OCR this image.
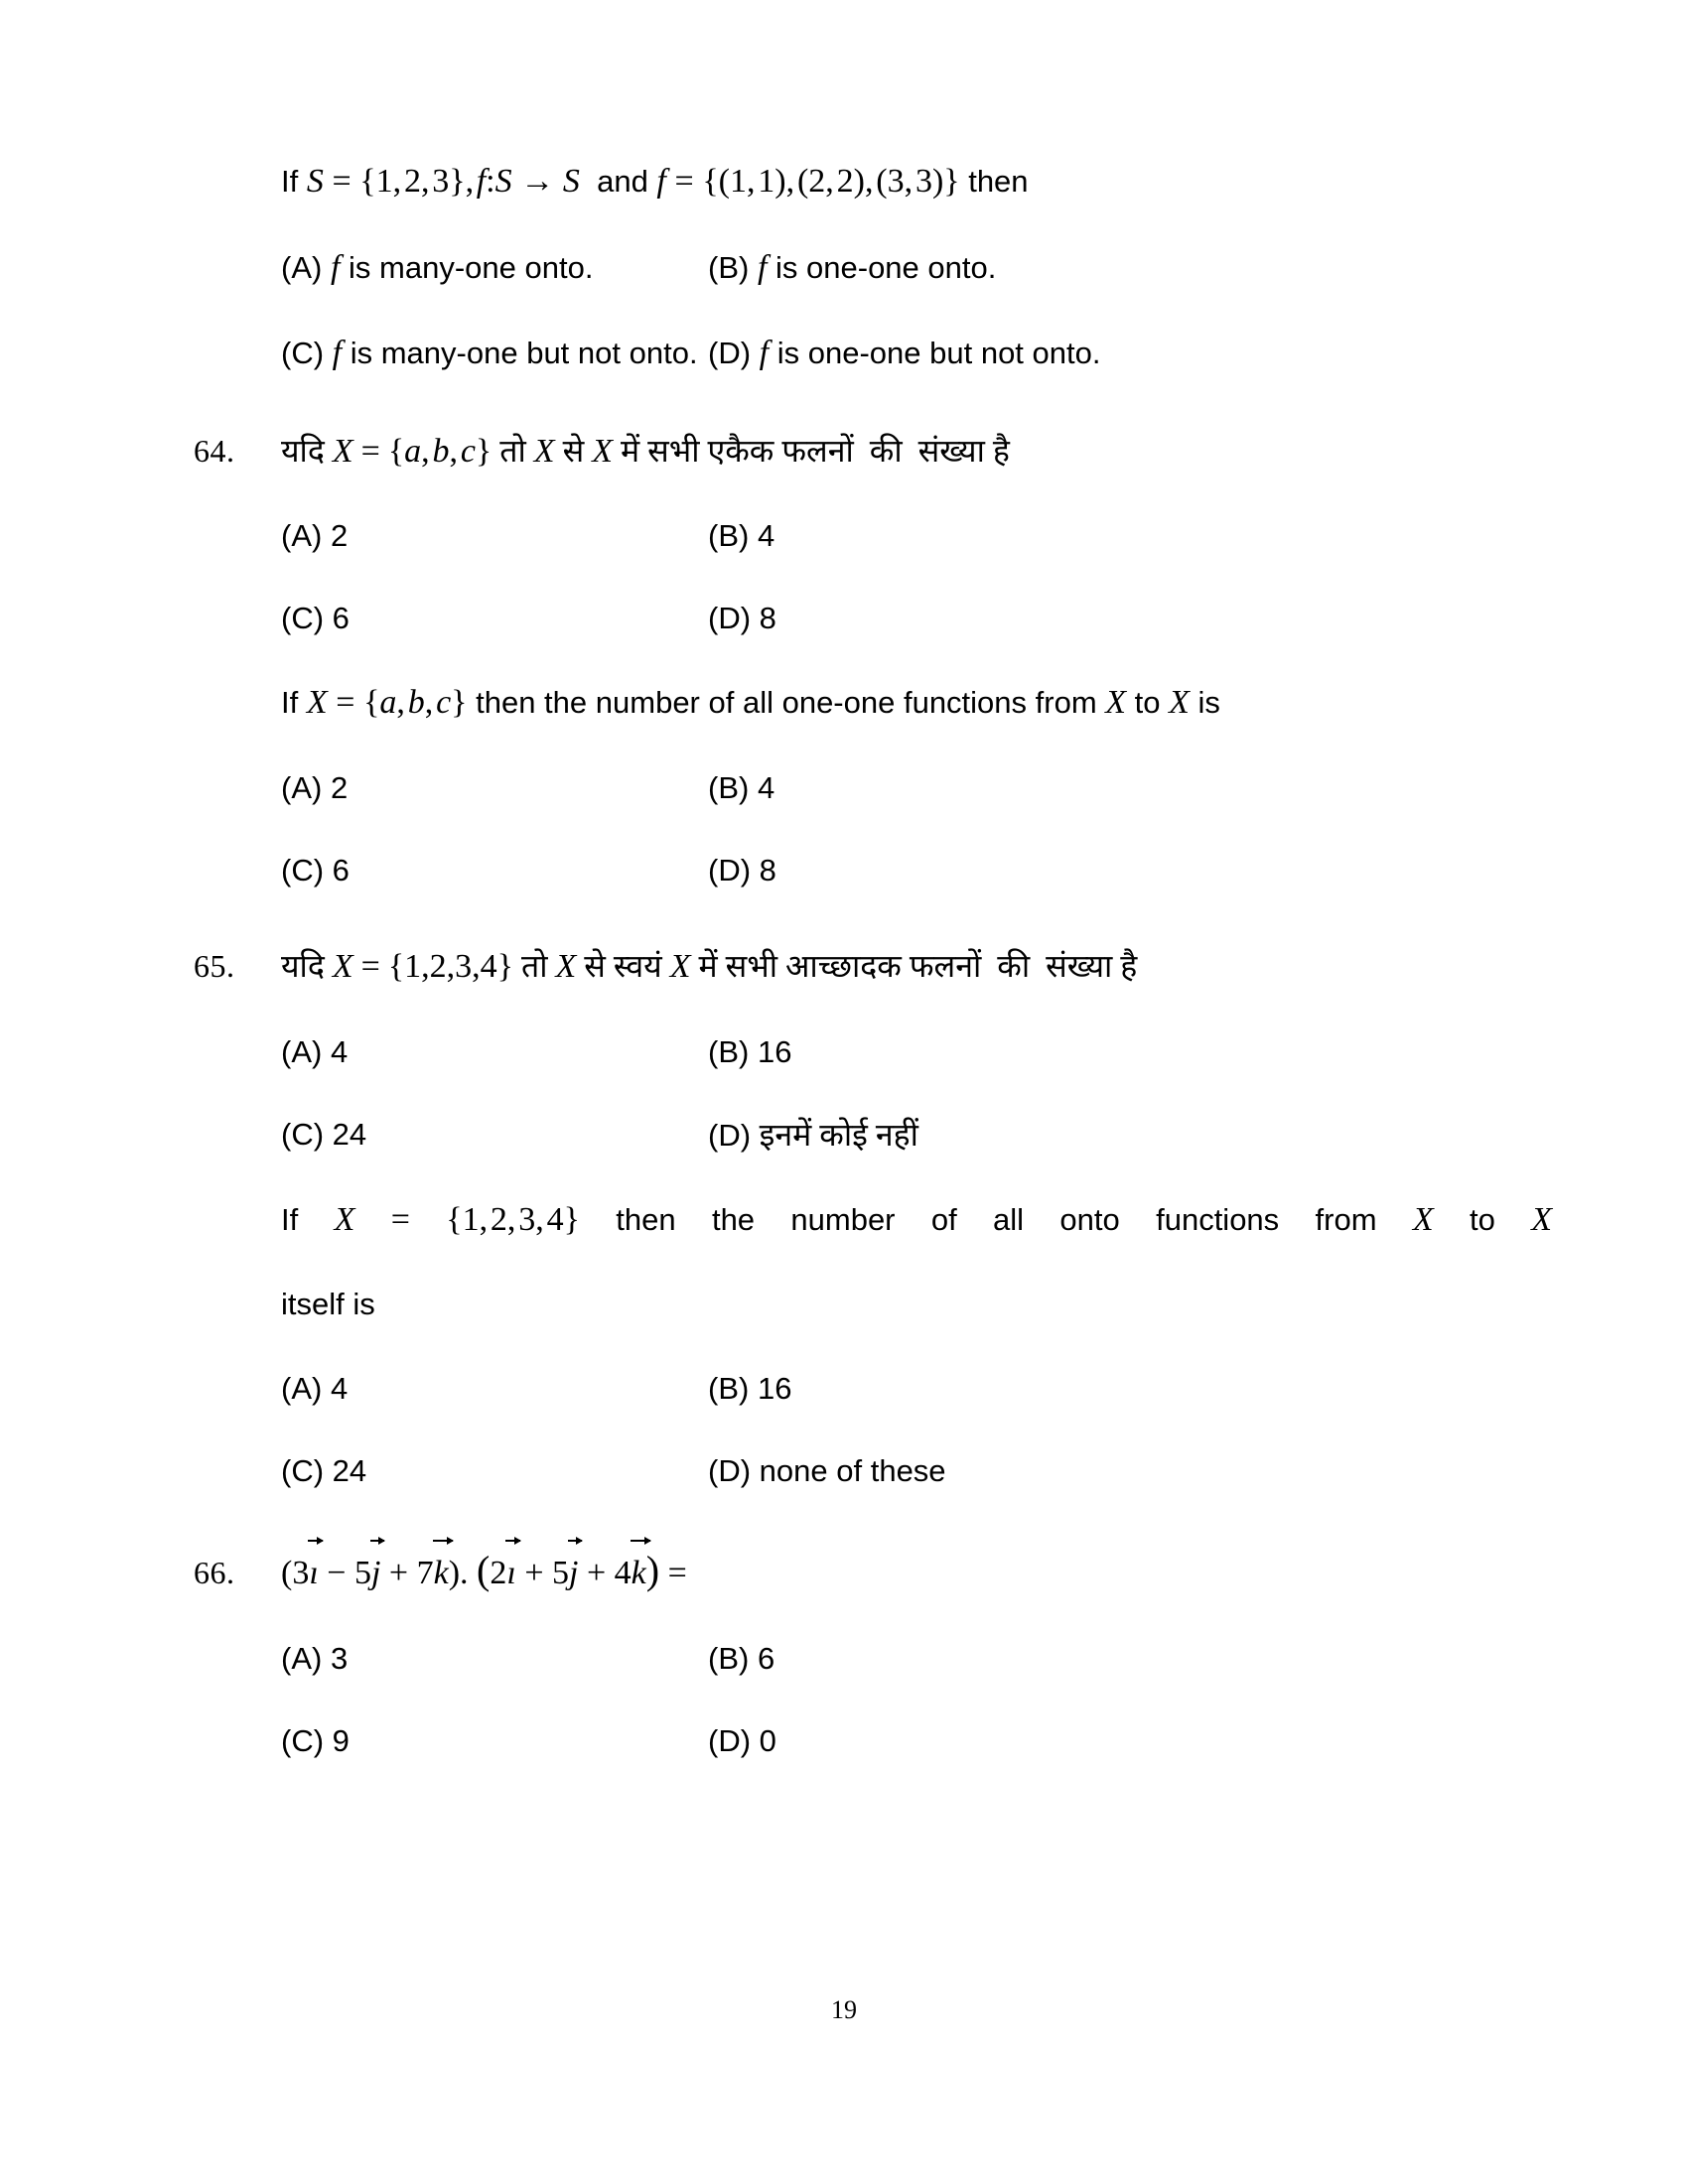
If S = {1, 2, 3}, f:S → S  and f = {(1, 1), (2, 2), (3, 3)} then
(A) f is many-one onto.	(B) f is one-one onto.
(C) f is many-one but not onto. (D) f is one-one but not onto.
64.	यदि X = {a, b, c} तो X से X में सभी एकैक फलनों  की  संख्या है
(A) 2	(B) 4
(C) 6	(D) 8
If X = {a, b, c} then the number of all one-one functions from X to X is
(A) 2	(B) 4
(C) 6	(D) 8
65.	यदि X = {1,2,3,4} तो X से स्वयं X में सभी आच्छादक फलनों  की  संख्या है
(A) 4	(B) 16
(C) 24	(D) इनमें कोई नहीं
If X = {1, 2, 3, 4} then the number of all onto functions from X to X
itself is
(A) 4	(B) 16
(C) 24	(D) none of these
66.	(3ı − 5j + 7k). (2ı + 5j + 4k) =
(A) 3	(B) 6
(C) 9	(D) 0
19
